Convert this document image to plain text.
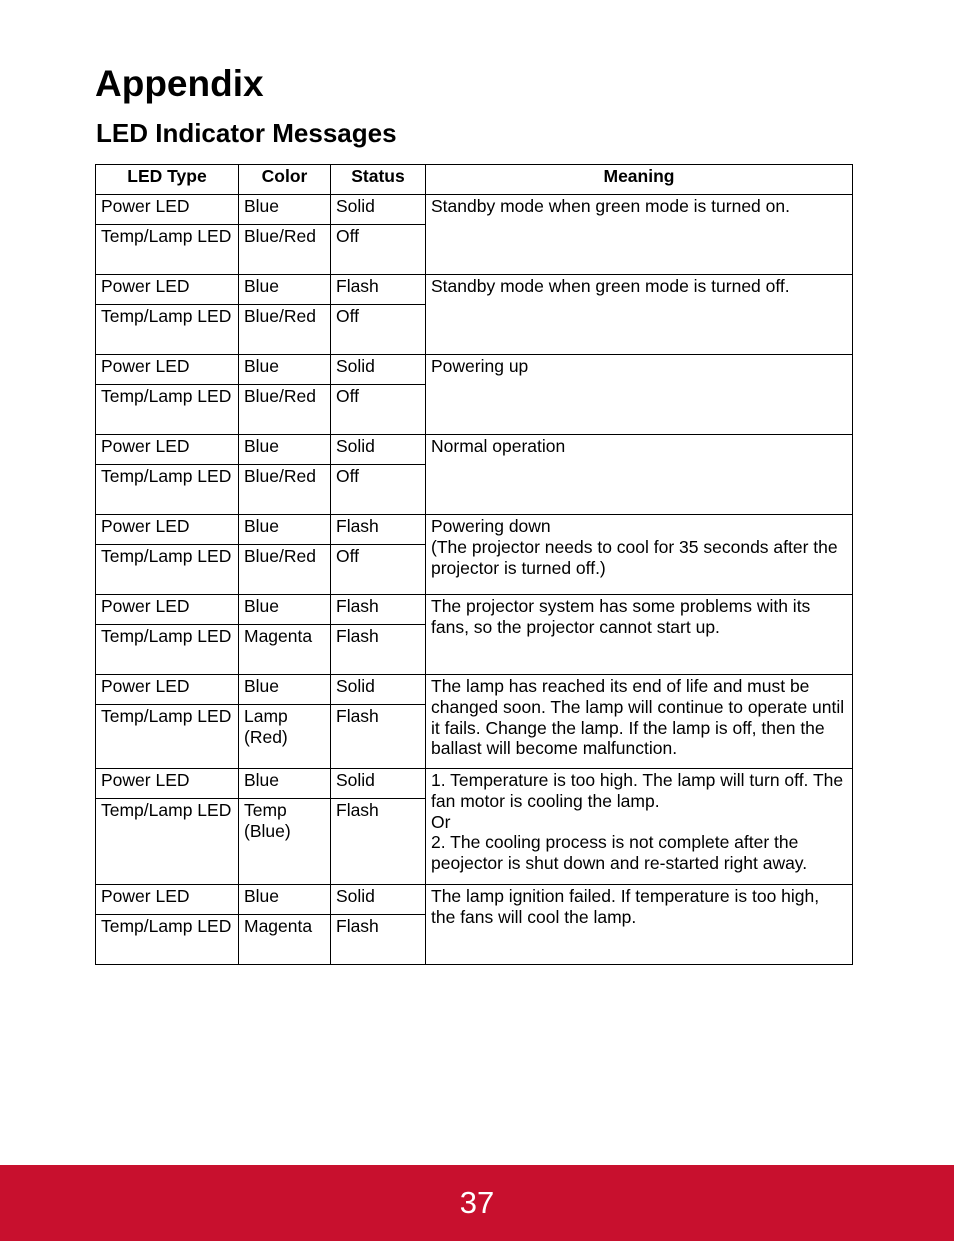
Appendix
LED Indicator Messages
LED Type	Color	Status	Meaning
Power LED	Blue	Solid	Standby mode when green mode is turned on.

Temp/Lamp LED	Blue/Red	Off	
Power LED	Blue	Flash	Standby mode when green mode is turned off.

Temp/Lamp LED	Blue/Red	Off	
Power LED	Blue	Solid	Powering up

Temp/Lamp LED	Blue/Red	Off	
Power LED	Blue	Solid	Normal operation

Temp/Lamp LED	Blue/Red	Off	
Power LED	Blue	Flash	Powering down
(The projector needs to cool for 35 seconds after the projector is turned off.)

Temp/Lamp LED	Blue/Red	Off	
Power LED	Blue	Flash	The projector system has some problems with its fans, so the projector cannot start up.

Temp/Lamp LED	Magenta	Flash	
Power LED	Blue	Solid	The lamp has reached its end of life and must be changed soon. The lamp will continue to operate until it fails. Change the lamp. If the lamp is off, then the ballast will become malfunction.

Temp/Lamp LED	Lamp (Red)	Flash	
Power LED	Blue	Solid	1. Temperature is too high. The lamp will turn off. The fan motor is cooling the lamp.
Or
2. The cooling process is not complete after the peojector is shut down and re-started right away.

Temp/Lamp LED	Temp (Blue)	Flash	
Power LED	Blue	Solid	The lamp ignition failed. If temperature is too high, the fans will cool the lamp.

Temp/Lamp LED	Magenta	Flash	
37
